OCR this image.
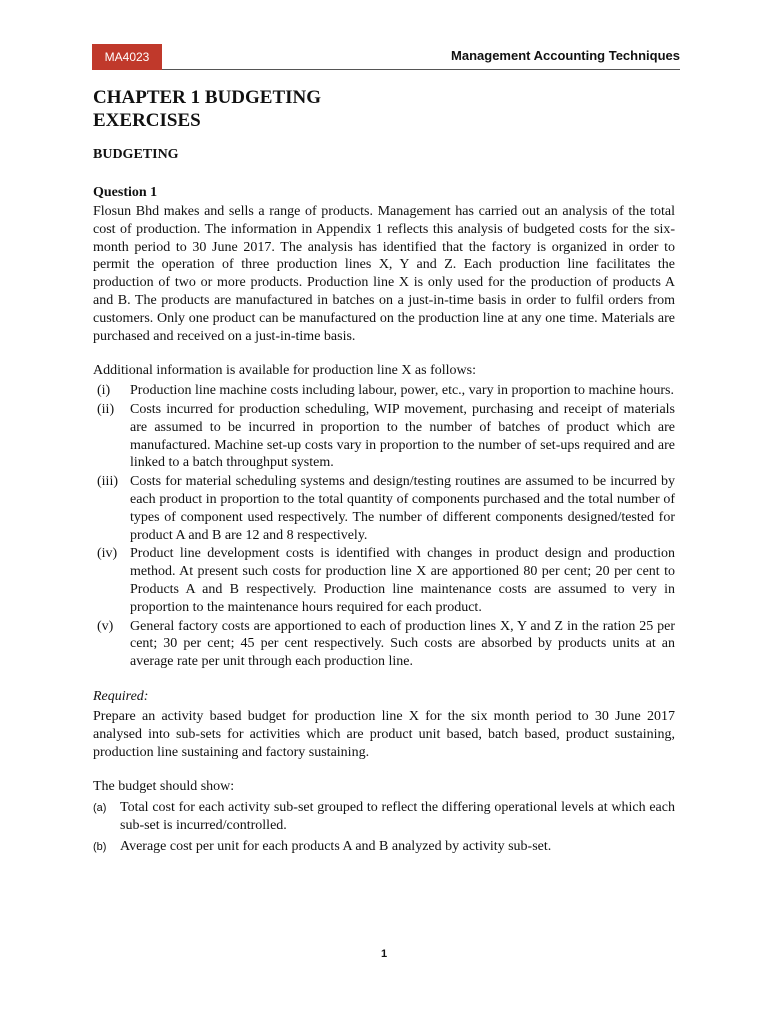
MA4023	Management Accounting Techniques
CHAPTER 1 BUDGETING
EXERCISES
BUDGETING
Question 1

Flosun Bhd makes and sells a range of products. Management has carried out an analysis of the total cost of production. The information in Appendix 1 reflects this analysis of budgeted costs for the six-month period to 30 June 2017. The analysis has identified that the factory is organized in order to permit the operation of three production lines X, Y and Z. Each production line facilitates the production of two or more products. Production line X is only used for the production of products A and B. The products are manufactured in batches on a just-in-time basis in order to fulfil orders from customers. Only one product can be manufactured on the production line at any one time. Materials are purchased and received on a just-in-time basis.

Additional information is available for production line X as follows:

(i)	Production line machine costs including labour, power, etc., vary in proportion to machine hours.
(ii)	Costs incurred for production scheduling, WIP movement, purchasing and receipt of materials are assumed to be incurred in proportion to the number of batches of product which are manufactured. Machine set-up costs vary in proportion to the number of set-ups required and are linked to a batch throughput system.
(iii) Costs for material scheduling systems and design/testing routines are assumed to be incurred by each product in proportion to the total quantity of components purchased and the total number of types of component used respectively. The number of different components designed/tested for product A and B are 12 and 8 respectively.
(iv) Product line development costs is identified with changes in product design and production method. At present such costs for production line X are apportioned 80 per cent; 20 per cent to Products A and B respectively. Production line maintenance costs are assumed to very in proportion to the maintenance hours required for each product.
(v)	General factory costs are apportioned to each of production lines X, Y and Z in the ration 25 per cent; 30 per cent; 45 per cent respectively. Such costs are absorbed by products units at an average rate per unit through each production line.
Required:

Prepare an activity based budget for production line X for the six month period to 30 June 2017 analysed into sub-sets for activities which are product unit based, batch based, product sustaining, production line sustaining and factory sustaining.

The budget should show:

(a) Total cost for each activity sub-set grouped to reflect the differing operational levels at which each sub-set is incurred/controlled.
(b) Average cost per unit for each products A and B analyzed by activity sub-set.
1
